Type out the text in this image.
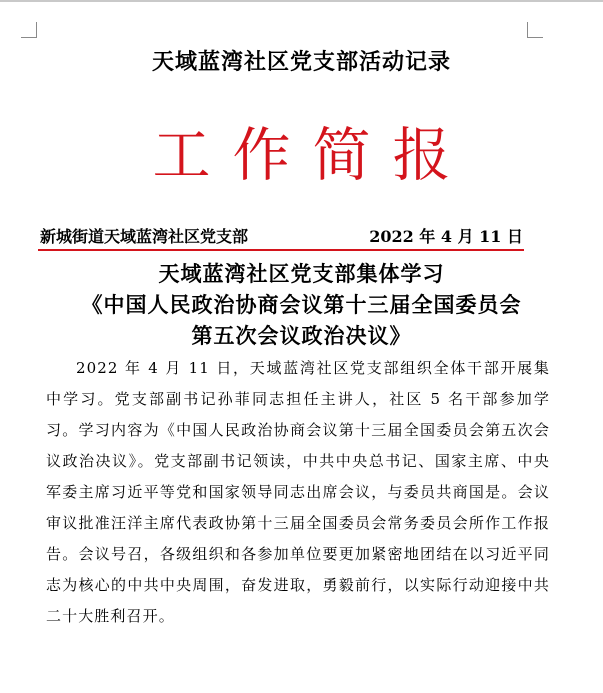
天域蓝湾社区党支部活动记录
工作简报
新城街道天域蓝湾社区党支部	2022 年 4 月 11 日
天域蓝湾社区党支部集体学习
《中国人民政治协商会议第十三届全国委员会
第五次会议政治决议》

2022 年 4 月 11 日，天域蓝湾社区党支部组织全体干部开展集中学习。党支部副书记孙菲同志担任主讲人，社区 5 名干部参加学习。学习内容为《中国人民政治协商会议第十三届全国委员会第五次会议政治决议》。党支部副书记领读，中共中央总书记、国家主席、中央军委主席习近平等党和国家领导同志出席会议，与委员共商国是。会议审议批准汪洋主席代表政协第十三届全国委员会常务委员会所作工作报告。会议号召，各级组织和各参加单位要更加紧密地团结在以习近平同志为核心的中共中央周围，奋发进取，勇毅前行，以实际行动迎接中共二十大胜利召开。
